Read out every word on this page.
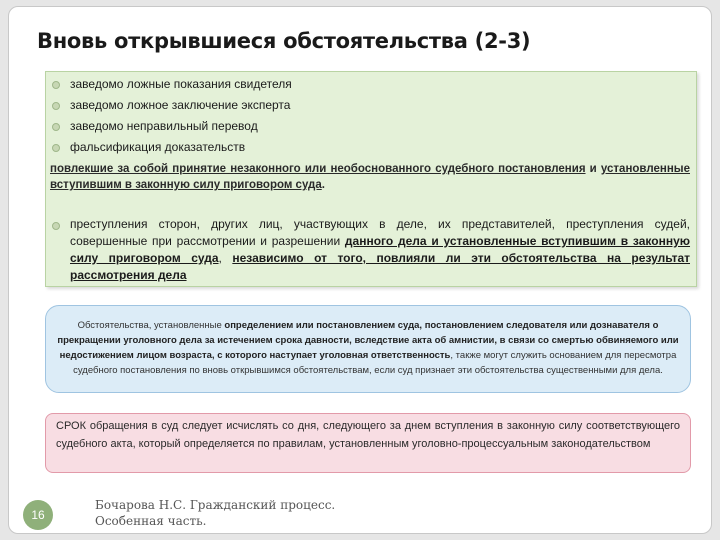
Вновь открывшиеся обстоятельства (2-3)
заведомо ложные показания свидетеля
заведомо ложное заключение эксперта
заведомо неправильный перевод
фальсификация доказательств
повлекшие за собой принятие незаконного или необоснованного судебного постановления и установленные вступившим в законную силу приговором суда.
преступления сторон, других лиц, участвующих в деле, их представителей, преступления судей, совершенные при рассмотрении и разрешении данного дела и установленные вступившим в законную силу приговором суда, независимо от того, повлияли ли эти обстоятельства на результат рассмотрения дела
Обстоятельства, установленные определением или постановлением суда, постановлением следователя или дознавателя о прекращении уголовного дела за истечением срока давности, вследствие акта об амнистии, в связи со смертью обвиняемого или недостижением лицом возраста, с которого наступает уголовная ответственность, также могут служить основанием для пересмотра судебного постановления по вновь открывшимся обстоятельствам, если суд признает эти обстоятельства существенными для дела.
СРОК обращения в суд следует исчислять со дня, следующего за днем вступления в законную силу соответствующего судебного акта, который определяется по правилам, установленным уголовно-процессуальным законодательством
16
Бочарова Н.С. Гражданский процесс.
Особенная часть.
